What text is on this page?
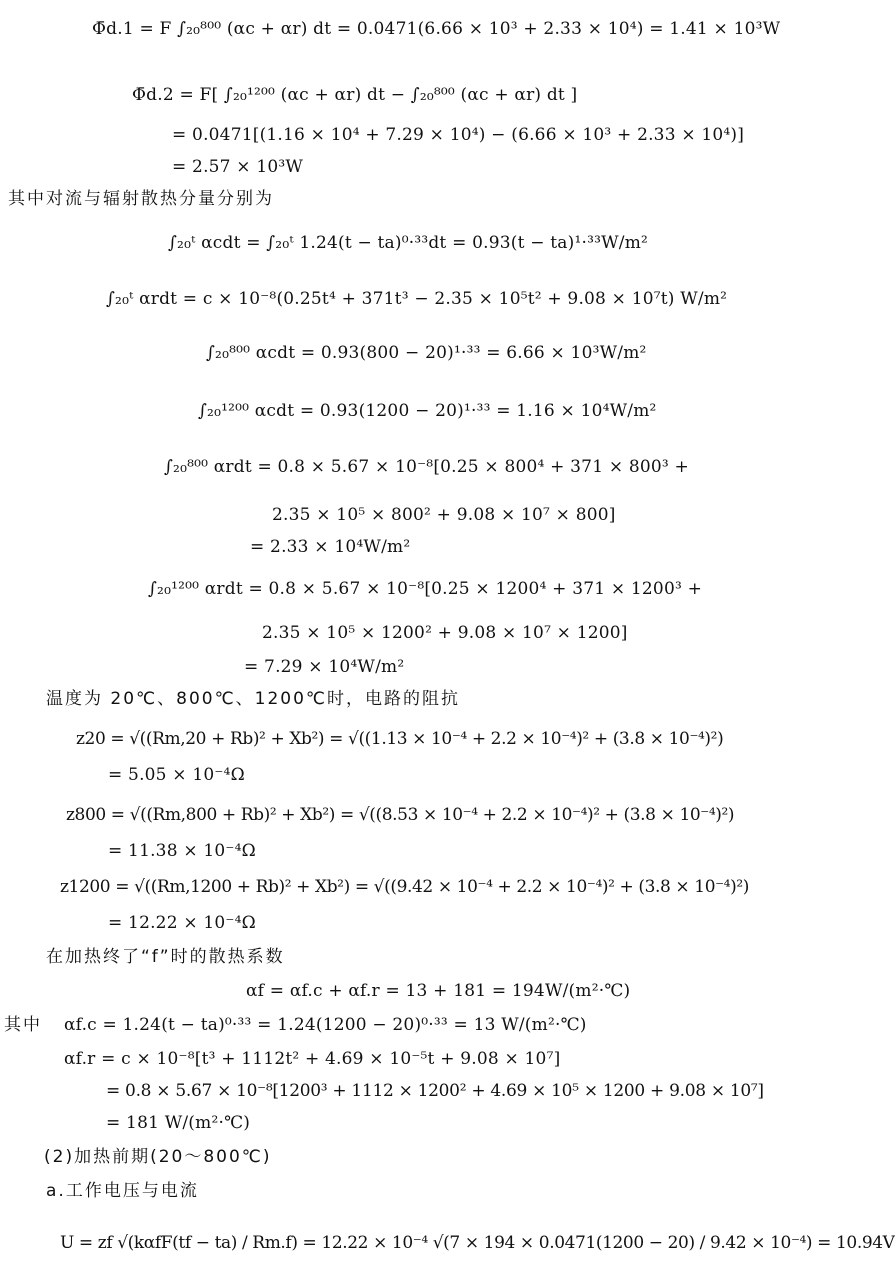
Φ̄d.1 = F ∫₂₀⁸⁰⁰ (αc + αr) dt = 0.0471(6.66 × 10³ + 2.33 × 10⁴) = 1.41 × 10³W
Φ̄d.2 = F[ ∫₂₀¹²⁰⁰ (αc + αr) dt − ∫₂₀⁸⁰⁰ (αc + αr) dt ]
= 0.0471[(1.16 × 10⁴ + 7.29 × 10⁴) − (6.66 × 10³ + 2.33 × 10⁴)]
= 2.57 × 10³W
其中对流与辐射散热分量分别为
∫₂₀ᵗ αcdt = ∫₂₀ᵗ 1.24(t − ta)⁰·³³dt = 0.93(t − ta)¹·³³W/m²
∫₂₀ᵗ αrdt = c × 10⁻⁸(0.25t⁴ + 371t³ − 2.35 × 10⁵t² + 9.08 × 10⁷t) W/m²
∫₂₀⁸⁰⁰ αcdt = 0.93(800 − 20)¹·³³ = 6.66 × 10³W/m²
∫₂₀¹²⁰⁰ αcdt = 0.93(1200 − 20)¹·³³ = 1.16 × 10⁴W/m²
∫₂₀⁸⁰⁰ αrdt = 0.8 × 5.67 × 10⁻⁸[0.25 × 800⁴ + 371 × 800³ +
2.35 × 10⁵ × 800² + 9.08 × 10⁷ × 800]
= 2.33 × 10⁴W/m²
∫₂₀¹²⁰⁰ αrdt = 0.8 × 5.67 × 10⁻⁸[0.25 × 1200⁴ + 371 × 1200³ +
2.35 × 10⁵ × 1200² + 9.08 × 10⁷ × 1200]
= 7.29 × 10⁴W/m²
温度为 20℃、800℃、1200℃时，电路的阻抗
z20 = √((Rm,20 + Rb)² + Xb²) = √((1.13 × 10⁻⁴ + 2.2 × 10⁻⁴)² + (3.8 × 10⁻⁴)²)
= 5.05 × 10⁻⁴Ω
z800 = √((Rm,800 + Rb)² + Xb²) = √((8.53 × 10⁻⁴ + 2.2 × 10⁻⁴)² + (3.8 × 10⁻⁴)²)
= 11.38 × 10⁻⁴Ω
z1200 = √((Rm,1200 + Rb)² + Xb²) = √((9.42 × 10⁻⁴ + 2.2 × 10⁻⁴)² + (3.8 × 10⁻⁴)²)
= 12.22 × 10⁻⁴Ω
在加热终了“f”时的散热系数
αf = αf.c + αf.r = 13 + 181 = 194W/(m²·℃)
其中 αf.c = 1.24(t − ta)⁰·³³ = 1.24(1200 − 20)⁰·³³ = 13 W/(m²·℃)
αf.r = c × 10⁻⁸[t³ + 1112t² + 4.69 × 10⁻⁵t + 9.08 × 10⁷]
= 0.8 × 5.67 × 10⁻⁸[1200³ + 1112 × 1200² + 4.69 × 10⁵ × 1200 + 9.08 × 10⁷]
= 181 W/(m²·℃)
(2)加热前期(20～800℃)
a.工作电压与电流
U = zf √(kαfF(tf − ta) / Rm.f) = 12.22 × 10⁻⁴ √(7 × 194 × 0.0471(1200 − 20) / 9.42 × 10⁻⁴) = 10.94V
